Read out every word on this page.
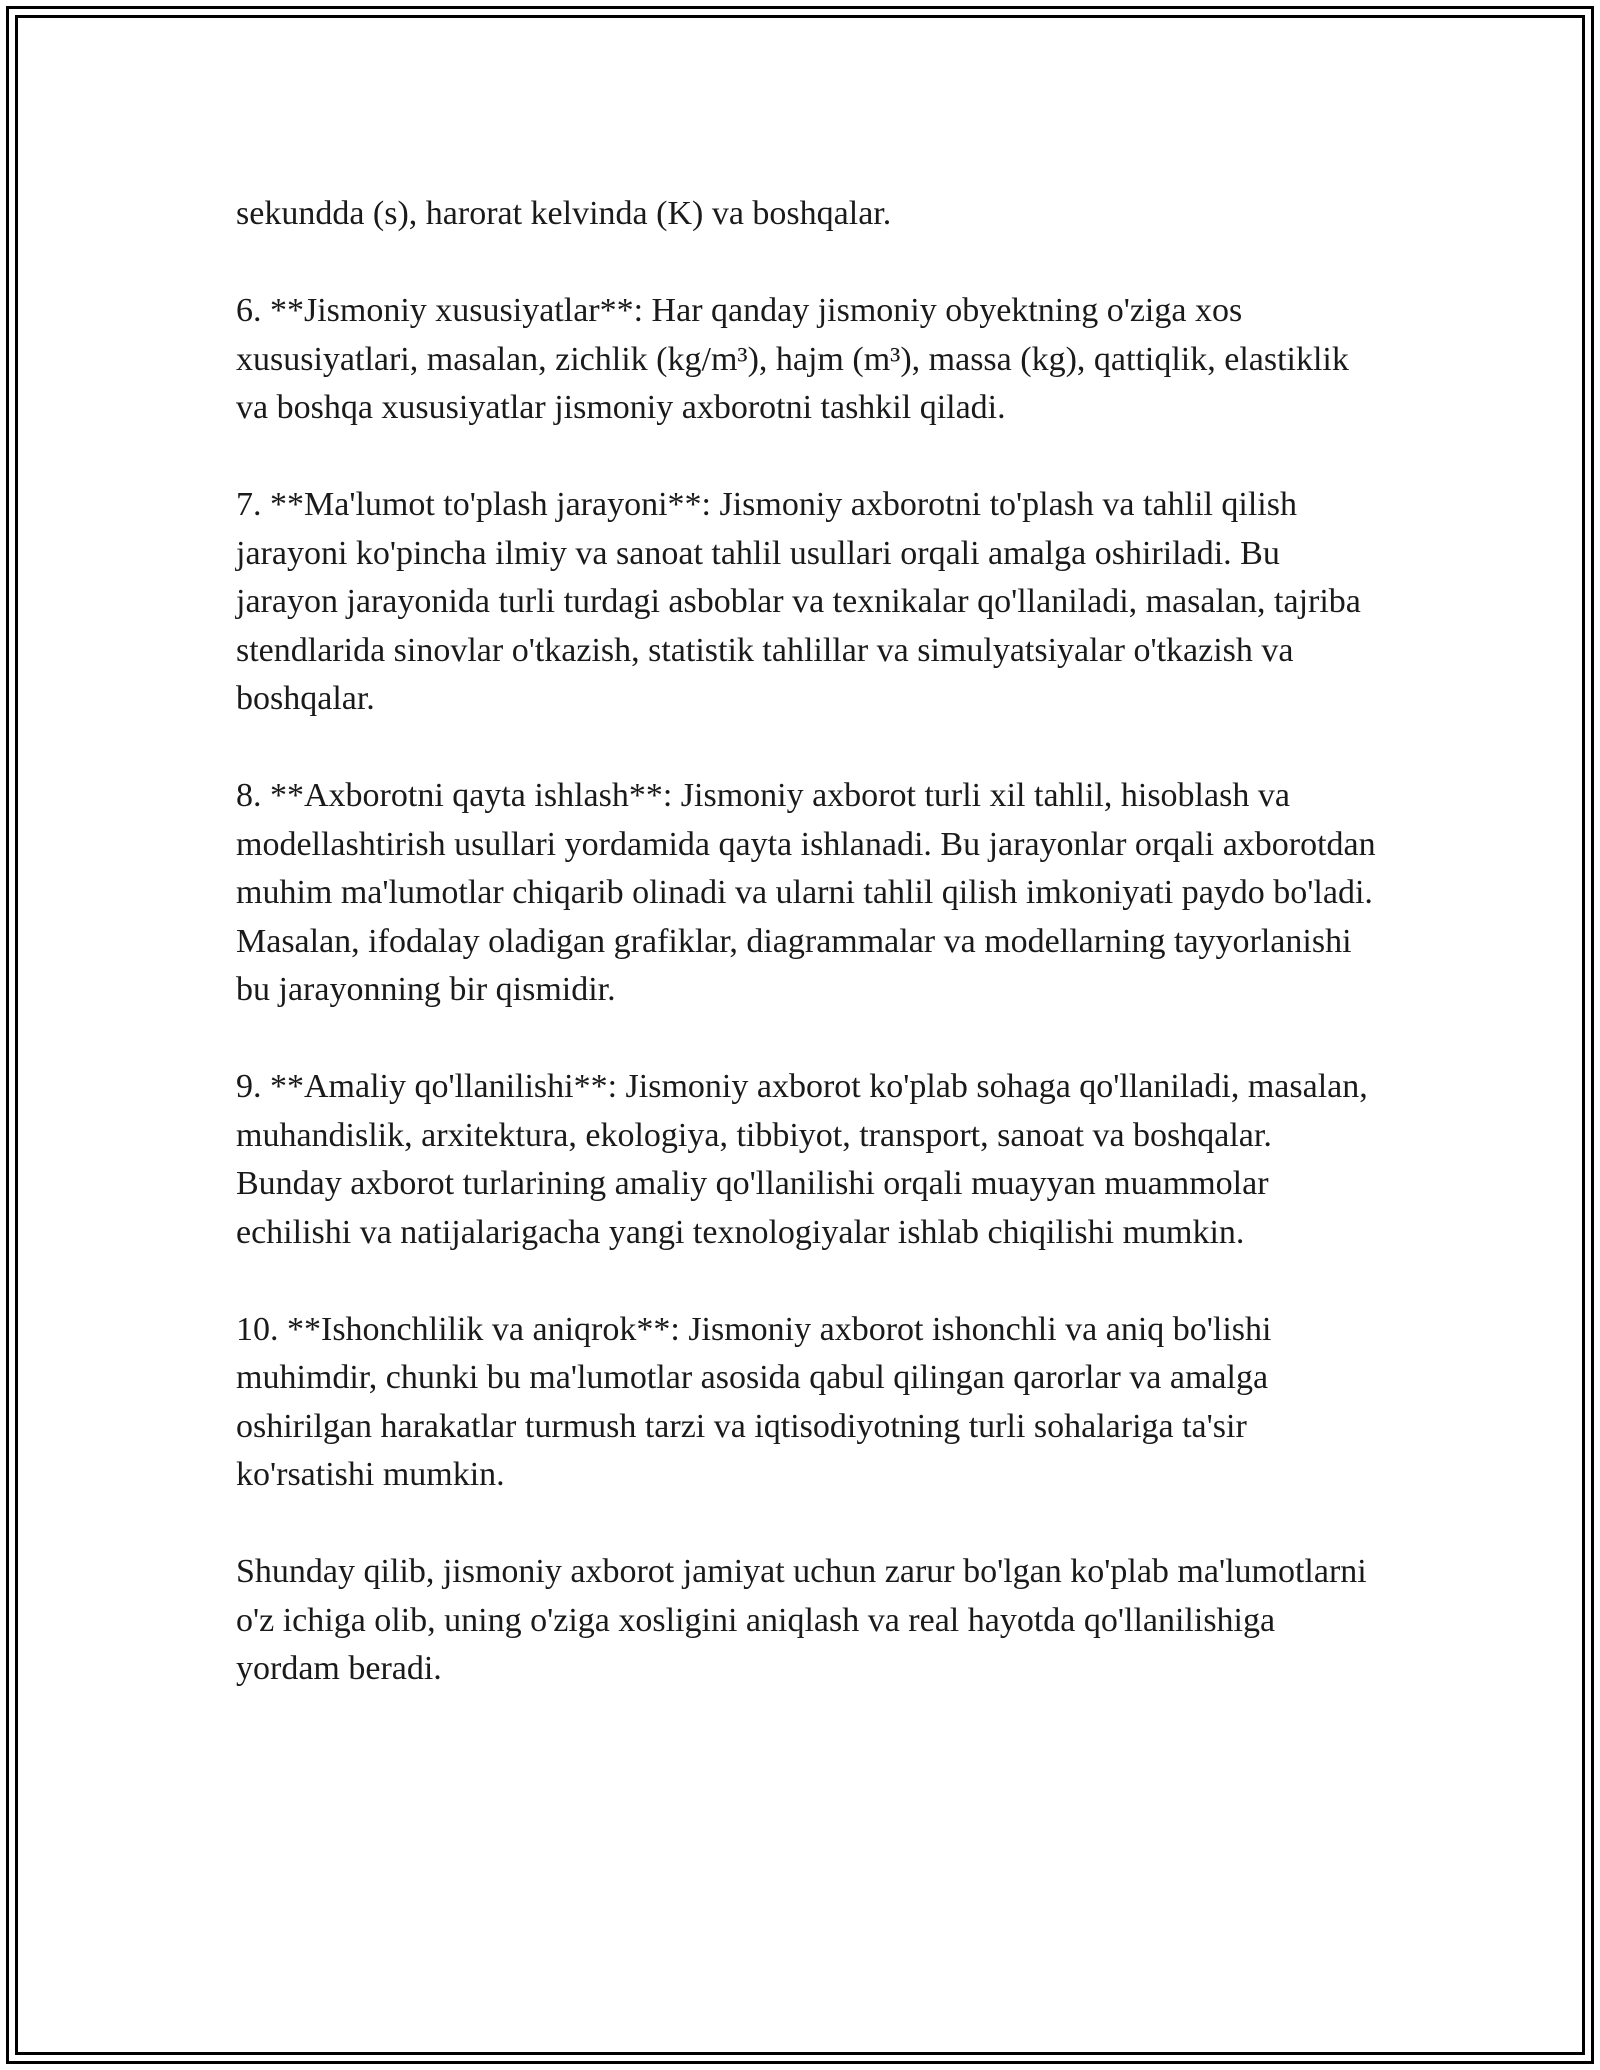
sekundda (s), harorat kelvinda (K) va boshqalar.

6. **Jismoniy xususiyatlar**: Har qanday jismoniy obyektning o'ziga xos xususiyatlari, masalan, zichlik (kg/m³), hajm (m³), massa (kg), qattiqlik, elastiklik va boshqa xususiyatlar jismoniy axborotni tashkil qiladi.

7. **Ma'lumot to'plash jarayoni**: Jismoniy axborotni to'plash va tahlil qilish jarayoni ko'pincha ilmiy va sanoat tahlil usullari orqali amalga oshiriladi. Bu jarayon jarayonida turli turdagi asboblar va texnikalar qo'llaniladi, masalan, tajriba stendlarida sinovlar o'tkazish, statistik tahlillar va simulyatsiyalar o'tkazish va boshqalar.

8. **Axborotni qayta ishlash**: Jismoniy axborot turli xil tahlil, hisoblash va modellashtirish usullari yordamida qayta ishlanadi. Bu jarayonlar orqali axborotdan muhim ma'lumotlar chiqarib olinadi va ularni tahlil qilish imkoniyati paydo bo'ladi. Masalan, ifodalay oladigan grafiklar, diagrammalar va modellarning tayyorlanishi bu jarayonning bir qismidir.

9. **Amaliy qo'llanilishi**: Jismoniy axborot ko'plab sohaga qo'llaniladi, masalan, muhandislik, arxitektura, ekologiya, tibbiyot, transport, sanoat va boshqalar. Bunday axborot turlarining amaliy qo'llanilishi orqali muayyan muammolar echilishi va natijalarigacha yangi texnologiyalar ishlab chiqilishi mumkin.

10. **Ishonchlilik va aniqrok**: Jismoniy axborot ishonchli va aniq bo'lishi muhimdir, chunki bu ma'lumotlar asosida qabul qilingan qarorlar va amalga oshirilgan harakatlar turmush tarzi va iqtisodiyotning turli sohalariga ta'sir ko'rsatishi mumkin.

Shunday qilib, jismoniy axborot jamiyat uchun zarur bo'lgan ko'plab ma'lumotlarni o'z ichiga olib, uning o'ziga xosligini aniqlash va real hayotda qo'llanilishiga yordam beradi.
